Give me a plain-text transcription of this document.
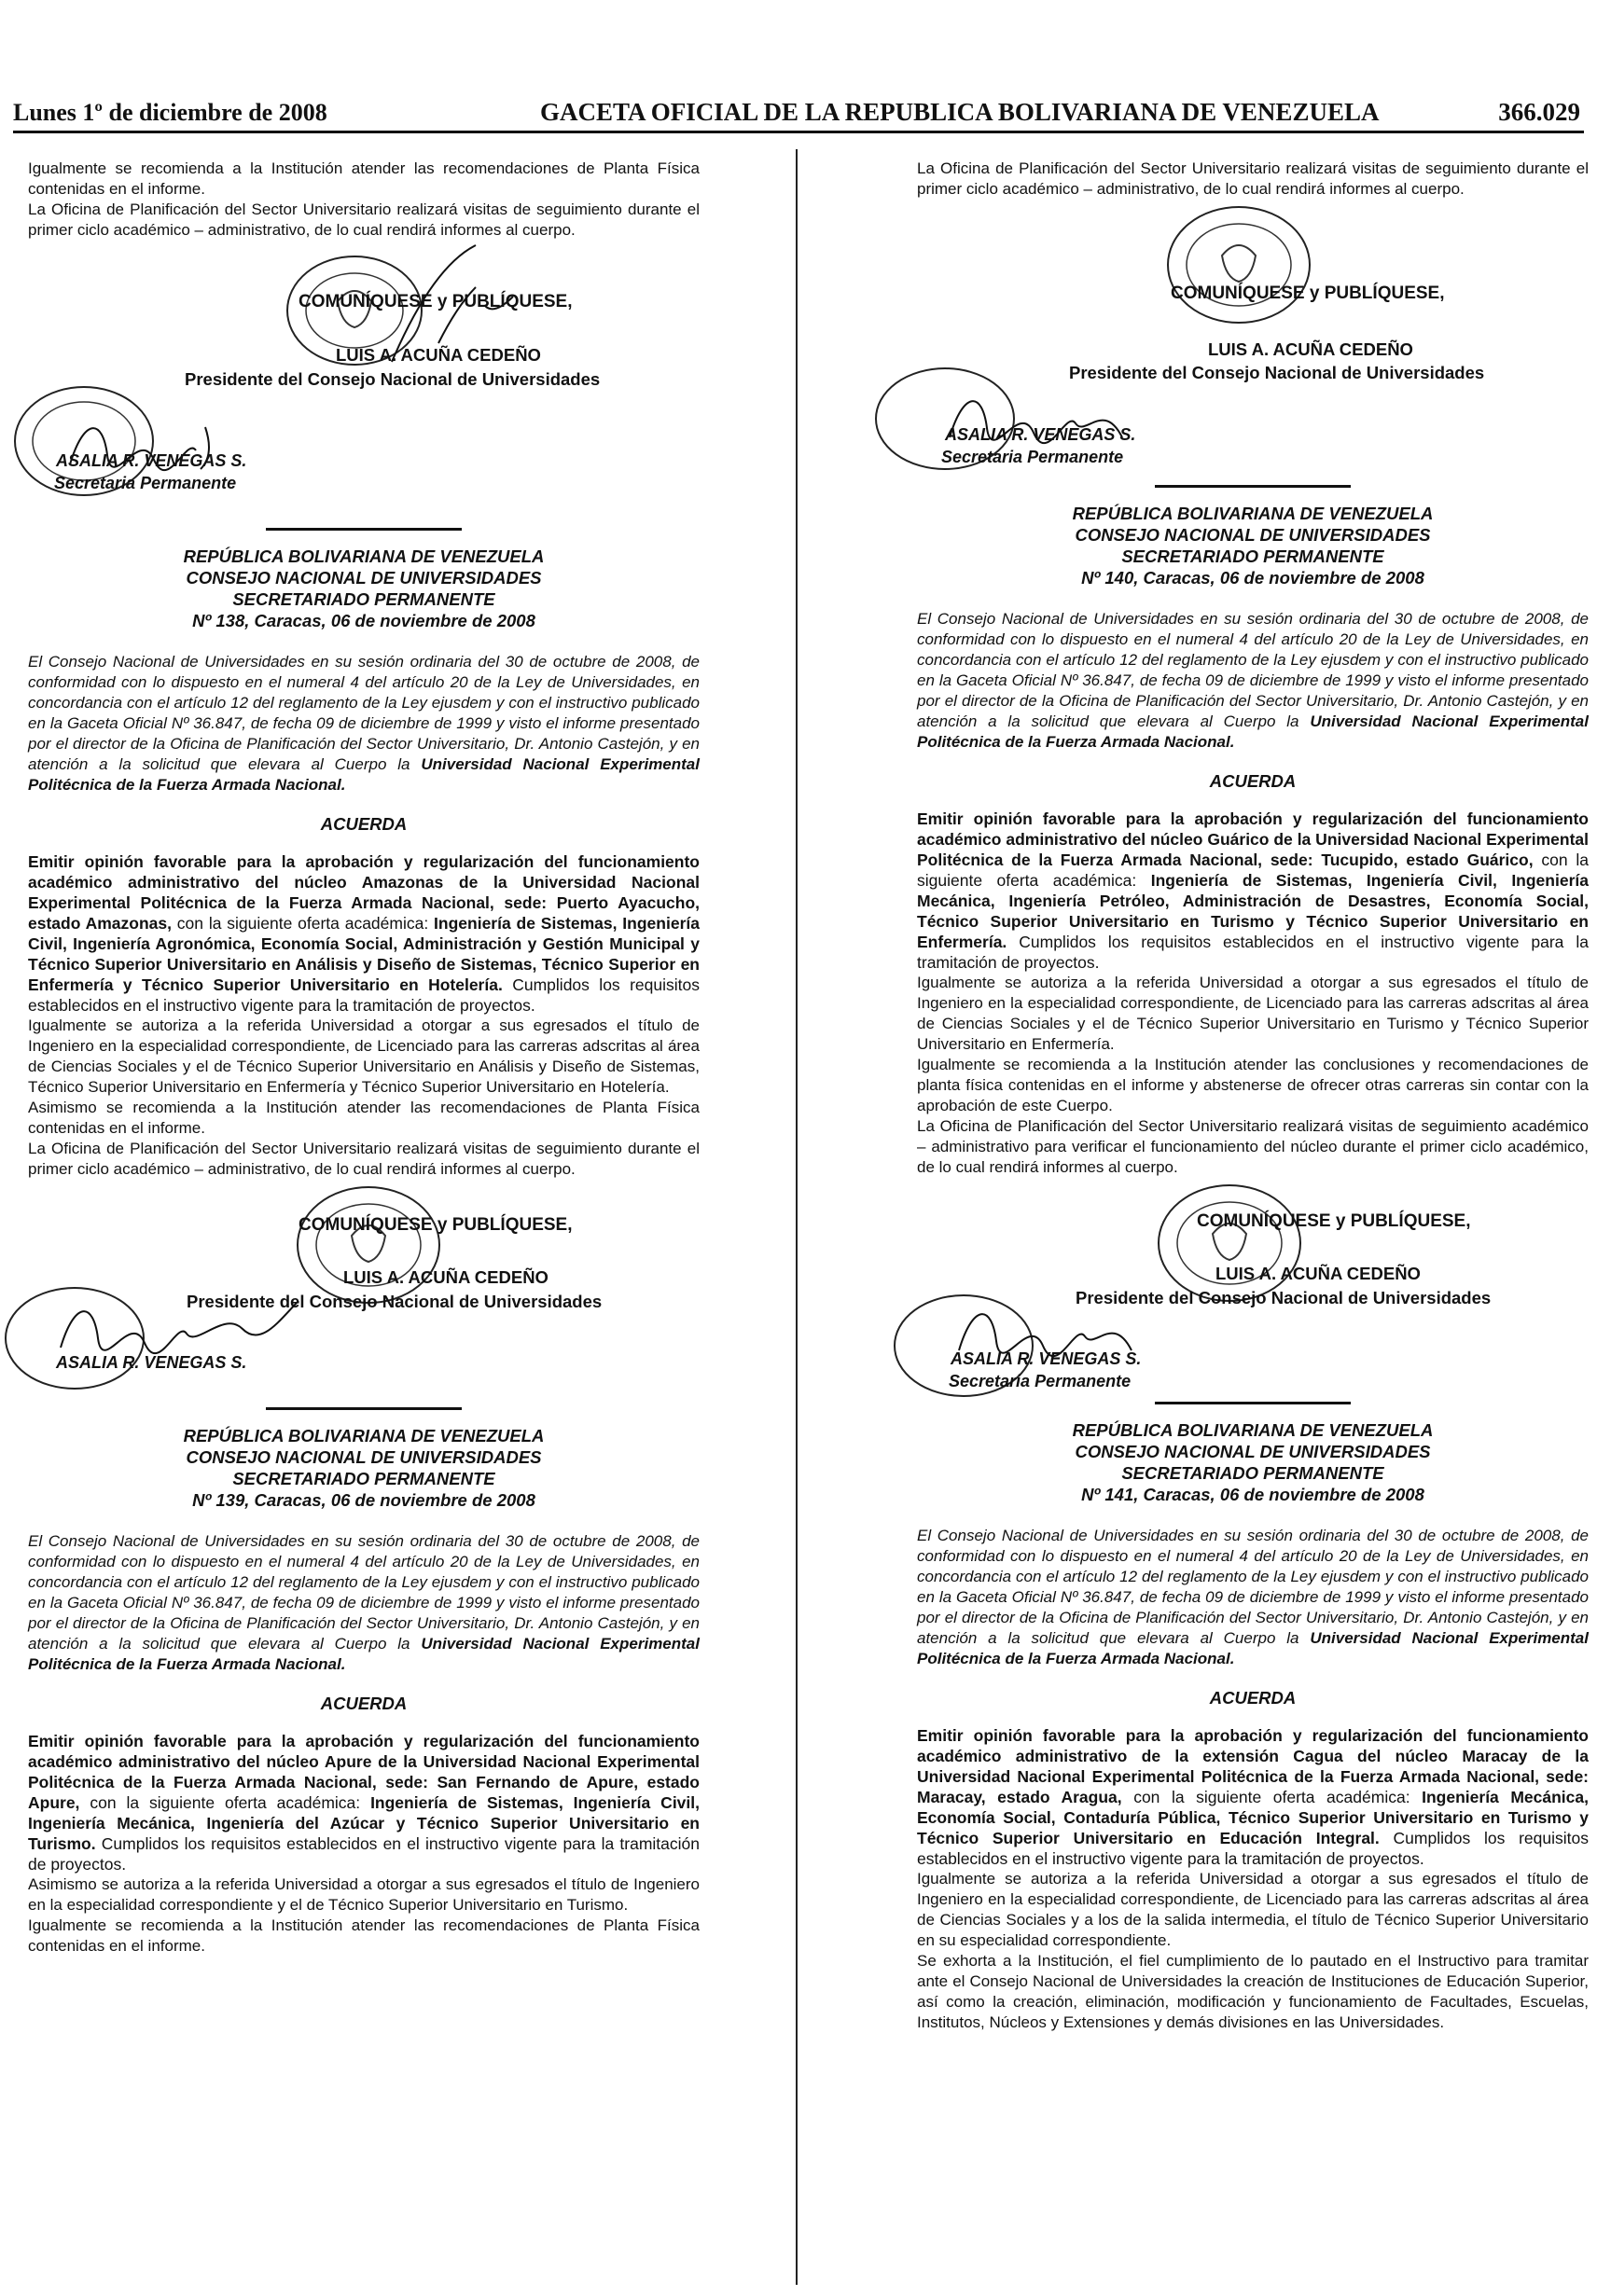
Lunes 1º de diciembre de 2008	GACETA OFICIAL DE LA REPUBLICA BOLIVARIANA DE VENEZUELA	366.029

Igualmente se recomienda a la Institución atender las recomendaciones de Planta Física contenidas en el informe.

La Oficina de Planificación del Sector Universitario realizará visitas de seguimiento durante el primer ciclo académico – administrativo, de lo cual rendirá informes al cuerpo.

COMUNÍQUESE y PUBLÍQUESE,
LUIS A. ACUÑA CEDEÑO
Presidente del Consejo Nacional de Universidades
ASALIA R. VENEGAS S.
Secretaria Permanente

REPÚBLICA BOLIVARIANA DE VENEZUELA

CONSEJO NACIONAL DE UNIVERSIDADES

SECRETARIADO PERMANENTE

Nº 138, Caracas, 06 de noviembre de 2008

El Consejo Nacional de Universidades en su sesión ordinaria del 30 de octubre de 2008, de conformidad con lo dispuesto en el numeral 4 del artículo 20 de la Ley de Universidades, en concordancia con el artículo 12 del reglamento de la Ley ejusdem y con el instructivo publicado en la Gaceta Oficial Nº 36.847, de fecha 09 de diciembre de 1999 y visto el informe presentado por el director de la Oficina de Planificación del Sector Universitario, Dr. Antonio Castejón, y en atención a la solicitud que elevara al Cuerpo la Universidad Nacional Experimental Politécnica de la Fuerza Armada Nacional.

ACUERDA

Emitir opinión favorable para la aprobación y regularización del funcionamiento académico administrativo del núcleo Amazonas de la Universidad Nacional Experimental Politécnica de la Fuerza Armada Nacional, sede: Puerto Ayacucho, estado Amazonas, con la siguiente oferta académica: Ingeniería de Sistemas, Ingeniería Civil, Ingeniería Agronómica, Economía Social, Administración y Gestión Municipal y Técnico Superior Universitario en Análisis y Diseño de Sistemas, Técnico Superior en Enfermería y Técnico Superior Universitario en Hotelería. Cumplidos los requisitos establecidos en el instructivo vigente para la tramitación de proyectos.

Igualmente se autoriza a la referida Universidad a otorgar a sus egresados el título de Ingeniero en la especialidad correspondiente, de Licenciado para las carreras adscritas al área de Ciencias Sociales y el de Técnico Superior Universitario en Análisis y Diseño de Sistemas, Técnico Superior Universitario en Enfermería y Técnico Superior Universitario en Hotelería.

Asimismo se recomienda a la Institución atender las recomendaciones de Planta Física contenidas en el informe.

La Oficina de Planificación del Sector Universitario realizará visitas de seguimiento durante el primer ciclo académico – administrativo, de lo cual rendirá informes al cuerpo.

COMUNÍQUESE y PUBLÍQUESE,
LUIS A. ACUÑA CEDEÑO
Presidente del Consejo Nacional de Universidades
ASALIA R. VENEGAS S.

REPÚBLICA BOLIVARIANA DE VENEZUELA

CONSEJO NACIONAL DE UNIVERSIDADES

SECRETARIADO PERMANENTE

Nº 139, Caracas, 06 de noviembre de 2008

El Consejo Nacional de Universidades en su sesión ordinaria del 30 de octubre de 2008, de conformidad con lo dispuesto en el numeral 4 del artículo 20 de la Ley de Universidades, en concordancia con el artículo 12 del reglamento de la Ley ejusdem y con el instructivo publicado en la Gaceta Oficial Nº 36.847, de fecha 09 de diciembre de 1999 y visto el informe presentado por el director de la Oficina de Planificación del Sector Universitario, Dr. Antonio Castejón, y en atención a la solicitud que elevara al Cuerpo la Universidad Nacional Experimental Politécnica de la Fuerza Armada Nacional.

ACUERDA

Emitir opinión favorable para la aprobación y regularización del funcionamiento académico administrativo del núcleo Apure de la Universidad Nacional Experimental Politécnica de la Fuerza Armada Nacional, sede: San Fernando de Apure, estado Apure, con la siguiente oferta académica: Ingeniería de Sistemas, Ingeniería Civil, Ingeniería Mecánica, Ingeniería del Azúcar y Técnico Superior Universitario en Turismo. Cumplidos los requisitos establecidos en el instructivo vigente para la tramitación de proyectos.

Asimismo se autoriza a la referida Universidad a otorgar a sus egresados el título de Ingeniero en la especialidad correspondiente y el de Técnico Superior Universitario en Turismo.

Igualmente se recomienda a la Institución atender las recomendaciones de Planta Física contenidas en el informe.

La Oficina de Planificación del Sector Universitario realizará visitas de seguimiento durante el primer ciclo académico – administrativo, de lo cual rendirá informes al cuerpo.

COMUNÍQUESE y PUBLÍQUESE,
LUIS A. ACUÑA CEDEÑO
Presidente del Consejo Nacional de Universidades
ASALIA R. VENEGAS S.
Secretaria Permanente

REPÚBLICA BOLIVARIANA DE VENEZUELA

CONSEJO NACIONAL DE UNIVERSIDADES

SECRETARIADO PERMANENTE

Nº 140, Caracas, 06 de noviembre de 2008

El Consejo Nacional de Universidades en su sesión ordinaria del 30 de octubre de 2008, de conformidad con lo dispuesto en el numeral 4 del artículo 20 de la Ley de Universidades, en concordancia con el artículo 12 del reglamento de la Ley ejusdem y con el instructivo publicado en la Gaceta Oficial Nº 36.847, de fecha 09 de diciembre de 1999 y visto el informe presentado por el director de la Oficina de Planificación del Sector Universitario, Dr. Antonio Castejón, y en atención a la solicitud que elevara al Cuerpo la Universidad Nacional Experimental Politécnica de la Fuerza Armada Nacional.

ACUERDA

Emitir opinión favorable para la aprobación y regularización del funcionamiento académico administrativo del núcleo Guárico de la Universidad Nacional Experimental Politécnica de la Fuerza Armada Nacional, sede: Tucupido, estado Guárico, con la siguiente oferta académica: Ingeniería de Sistemas, Ingeniería Civil, Ingeniería Mecánica, Ingeniería Petróleo, Administración de Desastres, Economía Social, Técnico Superior Universitario en Turismo y Técnico Superior Universitario en Enfermería. Cumplidos los requisitos establecidos en el instructivo vigente para la tramitación de proyectos.

Igualmente se autoriza a la referida Universidad a otorgar a sus egresados el título de Ingeniero en la especialidad correspondiente, de Licenciado para las carreras adscritas al área de Ciencias Sociales y el de Técnico Superior Universitario en Turismo y Técnico Superior Universitario en Enfermería.

Igualmente se recomienda a la Institución atender las conclusiones y recomendaciones de planta física contenidas en el informe y abstenerse de ofrecer otras carreras sin contar con la aprobación de este Cuerpo.

La Oficina de Planificación del Sector Universitario realizará visitas de seguimiento académico – administrativo para verificar el funcionamiento del núcleo durante el primer ciclo académico, de lo cual rendirá informes al cuerpo.

COMUNÍQUESE y PUBLÍQUESE,
LUIS A. ACUÑA CEDEÑO
Presidente del Consejo Nacional de Universidades
ASALIA R. VENEGAS S.
Secretaria Permanente

REPÚBLICA BOLIVARIANA DE VENEZUELA

CONSEJO NACIONAL DE UNIVERSIDADES

SECRETARIADO PERMANENTE

Nº 141, Caracas, 06 de noviembre de 2008

El Consejo Nacional de Universidades en su sesión ordinaria del 30 de octubre de 2008, de conformidad con lo dispuesto en el numeral 4 del artículo 20 de la Ley de Universidades, en concordancia con el artículo 12 del reglamento de la Ley ejusdem y con el instructivo publicado en la Gaceta Oficial Nº 36.847, de fecha 09 de diciembre de 1999 y visto el informe presentado por el director de la Oficina de Planificación del Sector Universitario, Dr. Antonio Castejón, y en atención a la solicitud que elevara al Cuerpo la Universidad Nacional Experimental Politécnica de la Fuerza Armada Nacional.

ACUERDA

Emitir opinión favorable para la aprobación y regularización del funcionamiento académico administrativo de la extensión Cagua del núcleo Maracay de la Universidad Nacional Experimental Politécnica de la Fuerza Armada Nacional, sede: Maracay, estado Aragua, con la siguiente oferta académica: Ingeniería Mecánica, Economía Social, Contaduría Pública, Técnico Superior Universitario en Turismo y Técnico Superior Universitario en Educación Integral. Cumplidos los requisitos establecidos en el instructivo vigente para la tramitación de proyectos.

Igualmente se autoriza a la referida Universidad a otorgar a sus egresados el título de Ingeniero en la especialidad correspondiente, de Licenciado para las carreras adscritas al área de Ciencias Sociales y a los de la salida intermedia, el título de Técnico Superior Universitario en su especialidad correspondiente.

Se exhorta a la Institución, el fiel cumplimiento de lo pautado en el Instructivo para tramitar ante el Consejo Nacional de Universidades la creación de Instituciones de Educación Superior, así como la creación, eliminación, modificación y funcionamiento de Facultades, Escuelas, Institutos, Núcleos y Extensiones y demás divisiones en las Universidades.
